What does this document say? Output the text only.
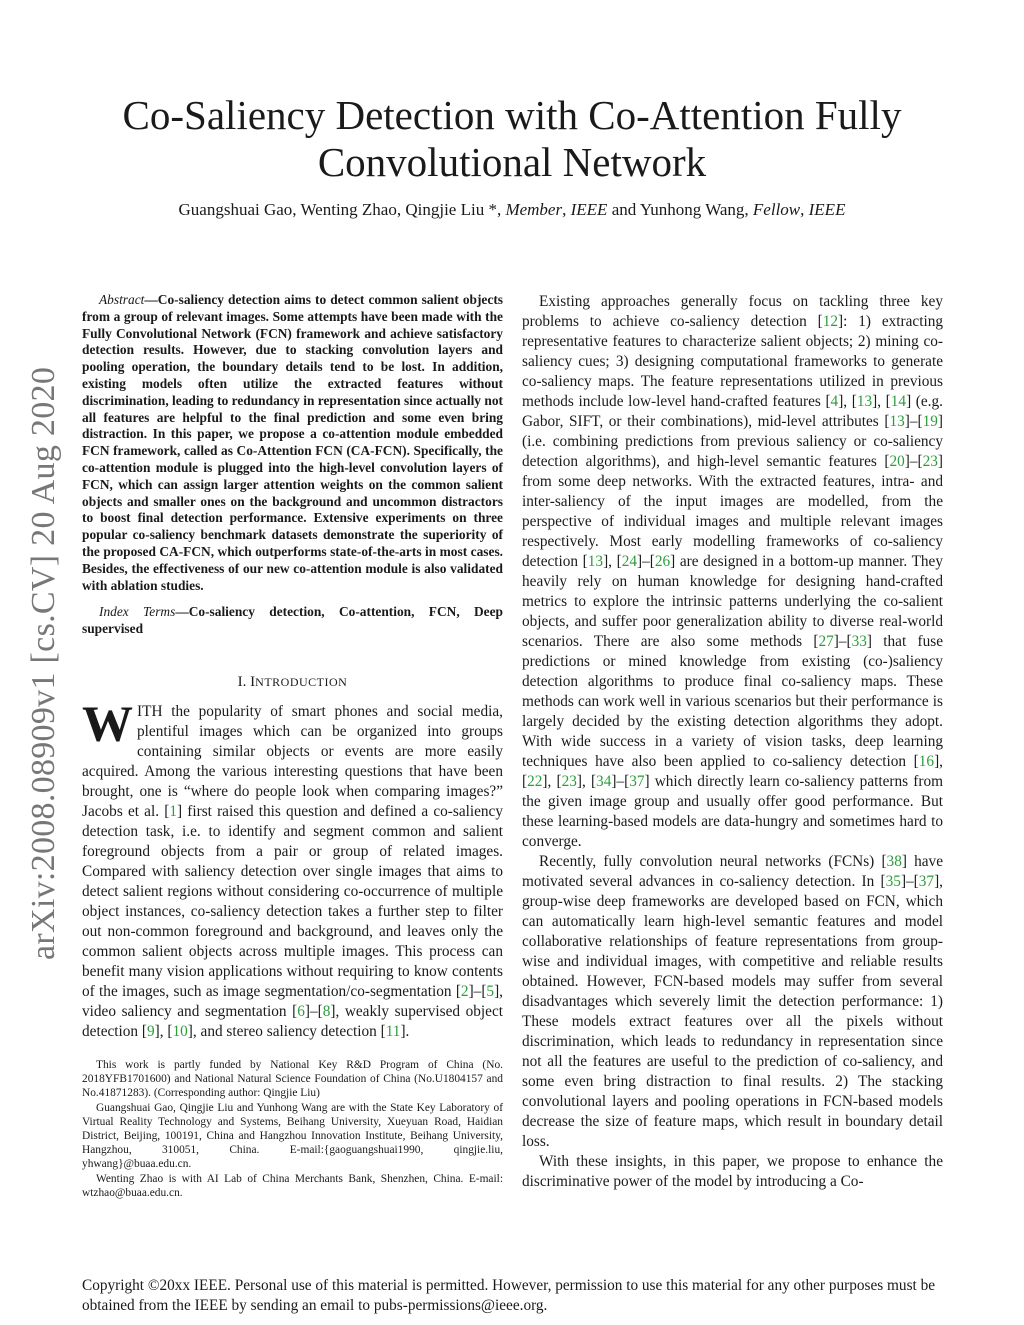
arXiv:2008.08909v1 [cs.CV] 20 Aug 2020
Co-Saliency Detection with Co-Attention Fully Convolutional Network
Guangshuai Gao, Wenting Zhao, Qingjie Liu *, Member, IEEE and Yunhong Wang, Fellow, IEEE

Abstract—Co-saliency detection aims to detect common salient objects from a group of relevant images. Some attempts have been made with the Fully Convolutional Network (FCN) framework and achieve satisfactory detection results. However, due to stacking convolution layers and pooling operation, the boundary details tend to be lost. In addition, existing models often utilize the extracted features without discrimination, leading to redundancy in representation since actually not all features are helpful to the final prediction and some even bring distraction. In this paper, we propose a co-attention module embedded FCN framework, called as Co-Attention FCN (CA-FCN). Specifically, the co-attention module is plugged into the high-level convolution layers of FCN, which can assign larger attention weights on the common salient objects and smaller ones on the background and uncommon distractors to boost final detection performance. Extensive experiments on three popular co-saliency benchmark datasets demonstrate the superiority of the proposed CA-FCN, which outperforms state-of-the-arts in most cases. Besides, the effectiveness of our new co-attention module is also validated with ablation studies.

Index Terms—Co-saliency detection, Co-attention, FCN, Deep supervised

I. INTRODUCTION

WITH the popularity of smart phones and social media, plentiful images which can be organized into groups containing similar objects or events are more easily acquired. Among the various interesting questions that have been brought, one is “where do people look when comparing images?” Jacobs et al. [1] first raised this question and defined a co-saliency detection task, i.e. to identify and segment common and salient foreground objects from a pair or group of related images. Compared with saliency detection over single images that aims to detect salient regions without considering co-occurrence of multiple object instances, co-saliency detection takes a further step to filter out non-common foreground and background, and leaves only the common salient objects across multiple images. This process can benefit many vision applications without requiring to know contents of the images, such as image segmentation/co-segmentation [2]–[5], video saliency and segmentation [6]–[8], weakly supervised object detection [9], [10], and stereo saliency detection [11].

This work is partly funded by National Key R&D Program of China (No. 2018YFB1701600) and National Natural Science Foundation of China (No.U1804157 and No.41871283). (Corresponding author: Qingjie Liu)

Guangshuai Gao, Qingjie Liu and Yunhong Wang are with the State Key Laboratory of Virtual Reality Technology and Systems, Beihang University, Xueyuan Road, Haidian District, Beijing, 100191, China and Hangzhou Innovation Institute, Beihang University, Hangzhou, 310051, China. E-mail:{gaoguangshuai1990, qingjie.liu, yhwang}@buaa.edu.cn.

Wenting Zhao is with AI Lab of China Merchants Bank, Shenzhen, China. E-mail: wtzhao@buaa.edu.cn.

Existing approaches generally focus on tackling three key problems to achieve co-saliency detection [12]: 1) extracting representative features to characterize salient objects; 2) mining co-saliency cues; 3) designing computational frameworks to generate co-saliency maps. The feature representations utilized in previous methods include low-level hand-crafted features [4], [13], [14] (e.g. Gabor, SIFT, or their combinations), mid-level attributes [13]–[19] (i.e. combining predictions from previous saliency or co-saliency detection algorithms), and high-level semantic features [20]–[23] from some deep networks. With the extracted features, intra- and inter-saliency of the input images are modelled, from the perspective of individual images and multiple relevant images respectively. Most early modelling frameworks of co-saliency detection [13], [24]–[26] are designed in a bottom-up manner. They heavily rely on human knowledge for designing hand-crafted metrics to explore the intrinsic patterns underlying the co-salient objects, and suffer poor generalization ability to diverse real-world scenarios. There are also some methods [27]–[33] that fuse predictions or mined knowledge from existing (co-)saliency detection algorithms to produce final co-saliency maps. These methods can work well in various scenarios but their performance is largely decided by the existing detection algorithms they adopt. With wide success in a variety of vision tasks, deep learning techniques have also been applied to co-saliency detection [16], [22], [23], [34]–[37] which directly learn co-saliency patterns from the given image group and usually offer good performance. But these learning-based models are data-hungry and sometimes hard to converge.

Recently, fully convolution neural networks (FCNs) [38] have motivated several advances in co-saliency detection. In [35]–[37], group-wise deep frameworks are developed based on FCN, which can automatically learn high-level semantic features and model collaborative relationships of feature representations from group-wise and individual images, with competitive and reliable results obtained. However, FCN-based models may suffer from several disadvantages which severely limit the detection performance: 1) These models extract features over all the pixels without discrimination, which leads to redundancy in representation since not all the features are useful to the prediction of co-saliency, and some even bring distraction to final results. 2) The stacking convolutional layers and pooling operations in FCN-based models decrease the size of feature maps, which result in boundary detail loss.

With these insights, in this paper, we propose to enhance the discriminative power of the model by introducing a Co-

Copyright ©20xx IEEE. Personal use of this material is permitted. However, permission to use this material for any other purposes must be obtained from the IEEE by sending an email to pubs-permissions@ieee.org.
